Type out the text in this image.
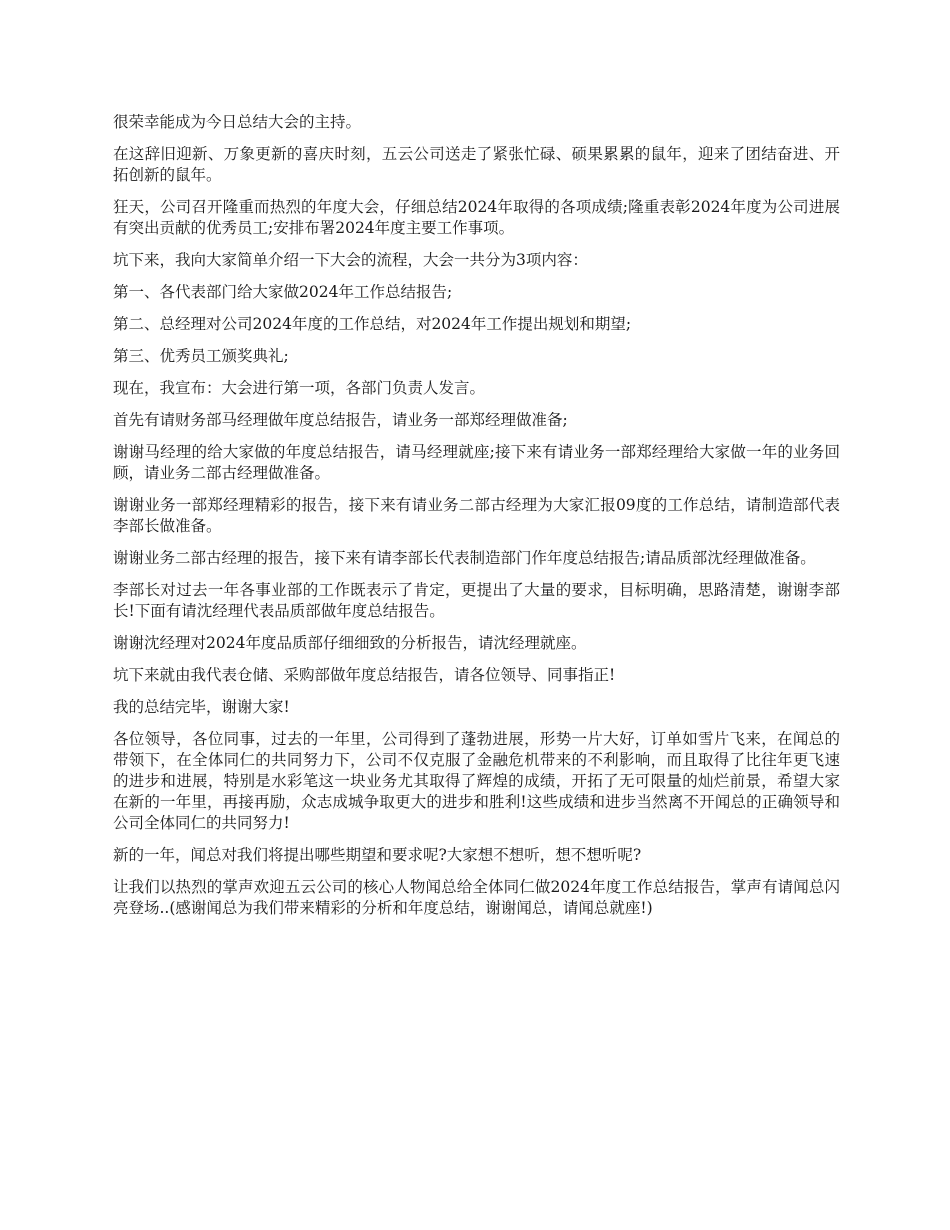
很荣幸能成为今日总结大会的主持。

在这辞旧迎新、万象更新的喜庆时刻，五云公司送走了紧张忙碌、硕果累累的鼠年，迎来了团结奋进、开拓创新的鼠年。

狂天，公司召开隆重而热烈的年度大会，仔细总结2024年取得的各项成绩;隆重表彰2024年度为公司进展有突出贡献的优秀员工;安排布署2024年度主要工作事项。

坑下来，我向大家简单介绍一下大会的流程，大会一共分为3项内容：

第一、各代表部门给大家做2024年工作总结报告;

第二、总经理对公司2024年度的工作总结，对2024年工作提出规划和期望;

第三、优秀员工颁奖典礼;

现在，我宣布：大会进行第一项，各部门负责人发言。

首先有请财务部马经理做年度总结报告，请业务一部郑经理做准备;

谢谢马经理的给大家做的年度总结报告，请马经理就座;接下来有请业务一部郑经理给大家做一年的业务回顾，请业务二部古经理做准备。

谢谢业务一部郑经理精彩的报告，接下来有请业务二部古经理为大家汇报09度的工作总结，请制造部代表李部长做准备。

谢谢业务二部古经理的报告，接下来有请李部长代表制造部门作年度总结报告;请品质部沈经理做准备。

李部长对过去一年各事业部的工作既表示了肯定，更提出了大量的要求，目标明确，思路清楚，谢谢李部长!下面有请沈经理代表品质部做年度总结报告。

谢谢沈经理对2024年度品质部仔细细致的分析报告，请沈经理就座。

坑下来就由我代表仓储、采购部做年度总结报告，请各位领导、同事指正!

我的总结完毕，谢谢大家!

各位领导，各位同事，过去的一年里，公司得到了蓬勃进展，形势一片大好，订单如雪片飞来，在闻总的带领下，在全体同仁的共同努力下，公司不仅克服了金融危机带来的不利影响，而且取得了比往年更飞速的进步和进展，特别是水彩笔这一块业务尤其取得了辉煌的成绩，开拓了无可限量的灿烂前景，希望大家在新的一年里，再接再励，众志成城争取更大的进步和胜利!这些成绩和进步当然离不开闻总的正确领导和公司全体同仁的共同努力!

新的一年，闻总对我们将提出哪些期望和要求呢?大家想不想听，想不想听呢?

让我们以热烈的掌声欢迎五云公司的核心人物闻总给全体同仁做2024年度工作总结报告，掌声有请闻总闪亮登场..(感谢闻总为我们带来精彩的分析和年度总结，谢谢闻总，请闻总就座!)
